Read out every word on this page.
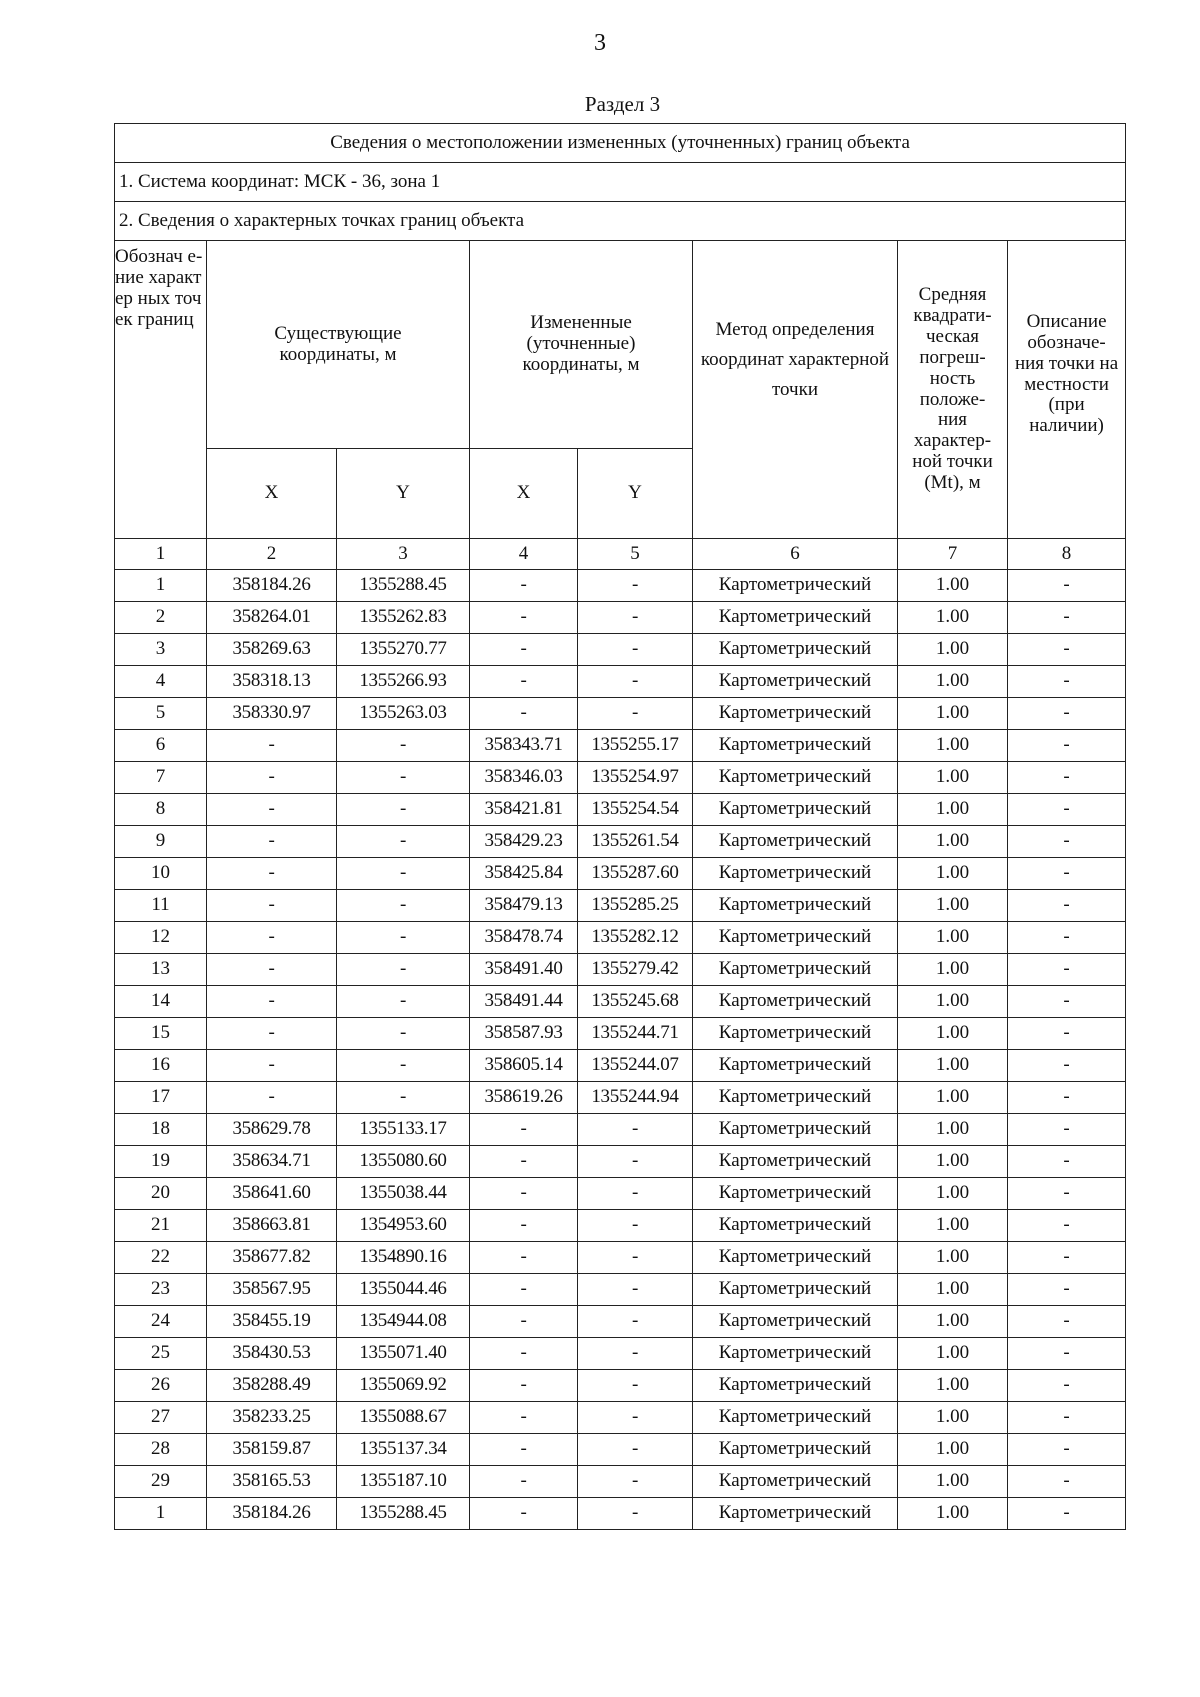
3
Раздел 3
Сведения о местоположении измененных (уточненных) границ объекта							
1. Система координат: МСК - 36, зона 1							
2. Сведения о характерных точках границ объекта							
Обознач е-ние характер ных точек границ	Существующие координаты, м		Измененные (уточненные) координаты, м		Метод определения координат характерной точки	Средняя квадрати- ческая погреш- ность положе- ния характер- ной точки (Mt), м	Описание обозначе- ния точки на местности (при наличии)
	X	Y	X	Y			
1	2	3	4	5	6	7	8
1	358184.26	1355288.45	-	-	Картометрический	1.00	-
2	358264.01	1355262.83	-	-	Картометрический	1.00	-
3	358269.63	1355270.77	-	-	Картометрический	1.00	-
4	358318.13	1355266.93	-	-	Картометрический	1.00	-
5	358330.97	1355263.03	-	-	Картометрический	1.00	-
6	-	-	358343.71	1355255.17	Картометрический	1.00	-
7	-	-	358346.03	1355254.97	Картометрический	1.00	-
8	-	-	358421.81	1355254.54	Картометрический	1.00	-
9	-	-	358429.23	1355261.54	Картометрический	1.00	-
10	-	-	358425.84	1355287.60	Картометрический	1.00	-
11	-	-	358479.13	1355285.25	Картометрический	1.00	-
12	-	-	358478.74	1355282.12	Картометрический	1.00	-
13	-	-	358491.40	1355279.42	Картометрический	1.00	-
14	-	-	358491.44	1355245.68	Картометрический	1.00	-
15	-	-	358587.93	1355244.71	Картометрический	1.00	-
16	-	-	358605.14	1355244.07	Картометрический	1.00	-
17	-	-	358619.26	1355244.94	Картометрический	1.00	-
18	358629.78	1355133.17	-	-	Картометрический	1.00	-
19	358634.71	1355080.60	-	-	Картометрический	1.00	-
20	358641.60	1355038.44	-	-	Картометрический	1.00	-
21	358663.81	1354953.60	-	-	Картометрический	1.00	-
22	358677.82	1354890.16	-	-	Картометрический	1.00	-
23	358567.95	1355044.46	-	-	Картометрический	1.00	-
24	358455.19	1354944.08	-	-	Картометрический	1.00	-
25	358430.53	1355071.40	-	-	Картометрический	1.00	-
26	358288.49	1355069.92	-	-	Картометрический	1.00	-
27	358233.25	1355088.67	-	-	Картометрический	1.00	-
28	358159.87	1355137.34	-	-	Картометрический	1.00	-
29	358165.53	1355187.10	-	-	Картометрический	1.00	-
1	358184.26	1355288.45	-	-	Картометрический	1.00	-
